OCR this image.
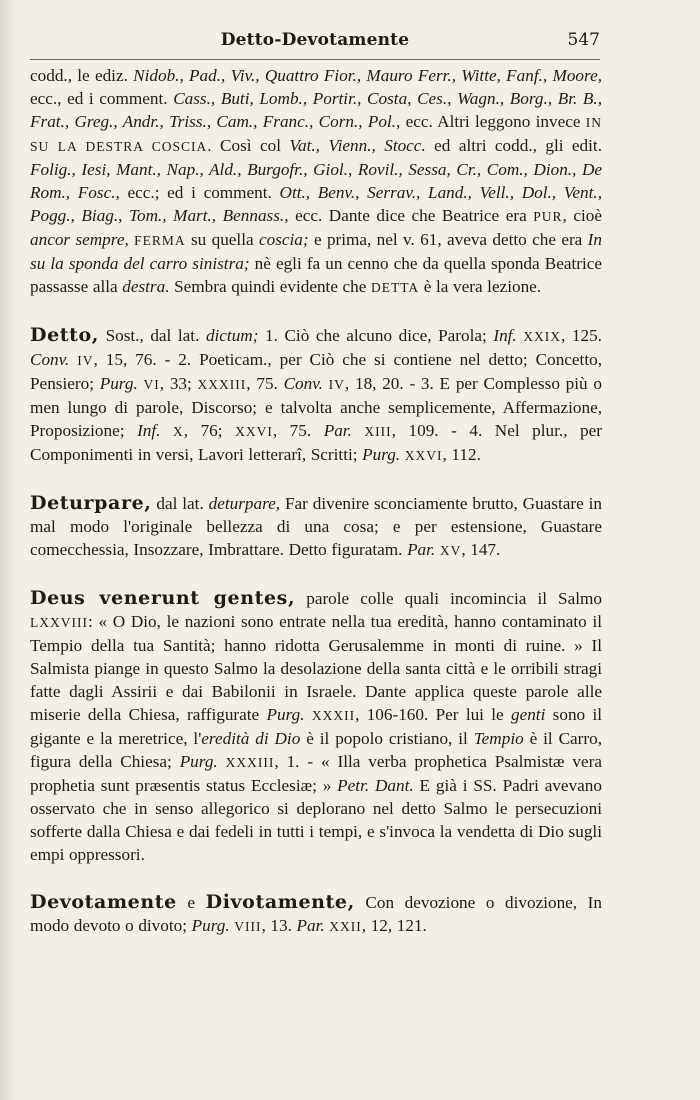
Detto-Devotamente	547

codd., le ediz. Nidob., Pad., Viv., Quattro Fior., Mauro Ferr., Witte, Fanf., Moore, ecc., ed i comment. Cass., Buti, Lomb., Portir., Costa, Ces., Wagn., Borg., Br. B., Frat., Greg., Andr., Triss., Cam., Franc., Corn., Pol., ecc. Altri leggono invece IN SU LA DESTRA COSCIA. Così col Vat., Vienn., Stocc. ed altri codd., gli edit. Folig., Iesi, Mant., Nap., Ald., Burgofr., Giol., Rovil., Sessa, Cr., Com., Dion., De Rom., Fosc., ecc.; ed i comment. Ott., Benv., Serrav., Land., Vell., Dol., Vent., Pogg., Biag., Tom., Mart., Bennass., ecc. Dante dice che Beatrice era PUR, cioè ancor sempre, FERMA su quella coscia; e prima, nel v. 61, aveva detto che era In su la sponda del carro sinistra; nè egli fa un cenno che da quella sponda Beatrice passasse alla destra. Sembra quindi evidente che DETTA è la vera lezione.

Detto, Sost., dal lat. dictum; 1. Ciò che alcuno dice, Parola; Inf. XXIX, 125. Conv. IV, 15, 76. - 2. Poeticam., per Ciò che si contiene nel detto; Concetto, Pensiero; Purg. VI, 33; XXXIII, 75. Conv. IV, 18, 20. - 3. E per Complesso più o men lungo di parole, Discorso; e talvolta anche semplicemente, Affermazione, Proposizione; Inf. X, 76; XXVI, 75. Par. XIII, 109. - 4. Nel plur., per Componimenti in versi, Lavori letterarî, Scritti; Purg. XXVI, 112.

Deturpare, dal lat. deturpare, Far divenire sconciamente brutto, Guastare in mal modo l'originale bellezza di una cosa; e per estensione, Guastare comecchessia, Insozzare, Imbrattare. Detto figuratam. Par. XV, 147.

Deus venerunt gentes, parole colle quali incomincia il Salmo LXXVIII: « O Dio, le nazioni sono entrate nella tua eredità, hanno contaminato il Tempio della tua Santità; hanno ridotta Gerusalemme in monti di ruine. » Il Salmista piange in questo Salmo la desolazione della santa città e le orribili stragi fatte dagli Assirii e dai Babilonii in Israele. Dante applica queste parole alle miserie della Chiesa, raffigurate Purg. XXXII, 106-160. Per lui le genti sono il gigante e la meretrice, l'eredità di Dio è il popolo cristiano, il Tempio è il Carro, figura della Chiesa; Purg. XXXIII, 1. - « Illa verba prophetica Psalmistæ vera prophetia sunt præsentis status Ecclesiæ; » Petr. Dant. E già i SS. Padri avevano osservato che in senso allegorico si deplorano nel detto Salmo le persecuzioni sofferte dalla Chiesa e dai fedeli in tutti i tempi, e s'invoca la vendetta di Dio sugli empi oppressori.

Devotamente e Divotamente, Con devozione o divozione, In modo devoto o divoto; Purg. VIII, 13. Par. XXII, 12, 121.
